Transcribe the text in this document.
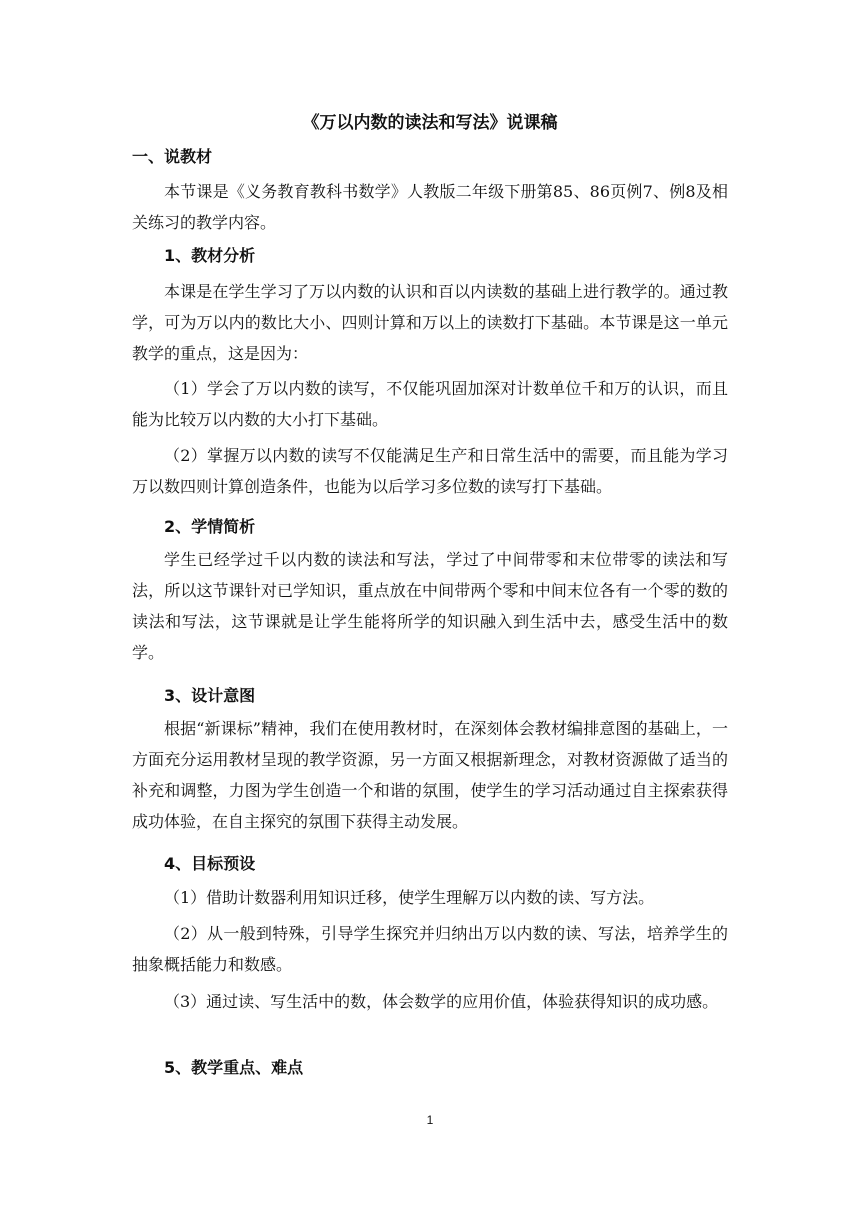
《万以内数的读法和写法》说课稿
一、说教材
本节课是《义务教育教科书数学》人教版二年级下册第85、86页例7、例8及相关练习的教学内容。
1、教材分析
本课是在学生学习了万以内数的认识和百以内读数的基础上进行教学的。通过教学，可为万以内的数比大小、四则计算和万以上的读数打下基础。本节课是这一单元教学的重点，这是因为：
（1）学会了万以内数的读写，不仅能巩固加深对计数单位千和万的认识，而且能为比较万以内数的大小打下基础。
（2）掌握万以内数的读写不仅能满足生产和日常生活中的需要，而且能为学习万以数四则计算创造条件，也能为以后学习多位数的读写打下基础。
2、学情简析
学生已经学过千以内数的读法和写法，学过了中间带零和末位带零的读法和写法，所以这节课针对已学知识，重点放在中间带两个零和中间末位各有一个零的数的读法和写法，这节课就是让学生能将所学的知识融入到生活中去，感受生活中的数学。
3、设计意图
根据“新课标”精神，我们在使用教材时，在深刻体会教材编排意图的基础上，一方面充分运用教材呈现的教学资源，另一方面又根据新理念，对教材资源做了适当的补充和调整，力图为学生创造一个和谐的氛围，使学生的学习活动通过自主探索获得成功体验，在自主探究的氛围下获得主动发展。
4、目标预设
（1）借助计数器利用知识迁移，使学生理解万以内数的读、写方法。
（2）从一般到特殊，引导学生探究并归纳出万以内数的读、写法，培养学生的抽象概括能力和数感。
（3）通过读、写生活中的数，体会数学的应用价值，体验获得知识的成功感。
5、教学重点、难点
1
